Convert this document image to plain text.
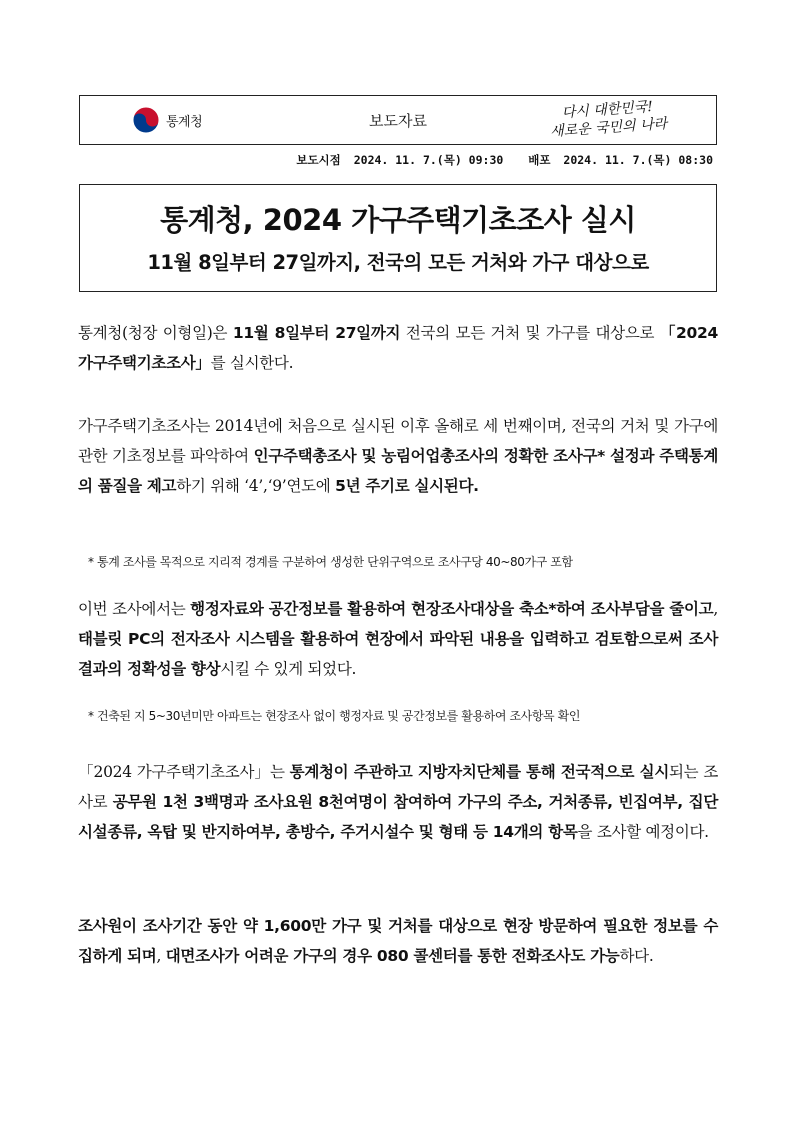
통계청	보도자료	다시 대한민국!
새로운 국민의 나라
보도시점 2024. 11. 7.(목) 09:30 배포 2024. 11. 7.(목) 08:30
통계청, 2024 가구주택기초조사 실시
11월 8일부터 27일까지, 전국의 모든 거처와 가구 대상으로
통계청(청장 이형일)은 11월 8일부터 27일까지 전국의 모든 거처 및 가구를 대상으로 「2024 가구주택기초조사」를 실시한다.
가구주택기초조사는 2014년에 처음으로 실시된 이후 올해로 세 번째이며, 전국의 거처 및 가구에 관한 기초정보를 파악하여 인구주택총조사 및 농림어업총조사의 정확한 조사구* 설정과 주택통계의 품질을 제고하기 위해 ‘4’,‘9’연도에 5년 주기로 실시된다.
* 통계 조사를 목적으로 지리적 경계를 구분하여 생성한 단위구역으로 조사구당 40~80가구 포함
이번 조사에서는 행정자료와 공간정보를 활용하여 현장조사대상을 축소*하여 조사부담을 줄이고, 태블릿 PC의 전자조사 시스템을 활용하여 현장에서 파악된 내용을 입력하고 검토함으로써 조사결과의 정확성을 향상시킬 수 있게 되었다.
* 건축된 지 5~30년미만 아파트는 현장조사 없이 행정자료 및 공간정보를 활용하여 조사항목 확인
「2024 가구주택기초조사」는 통계청이 주관하고 지방자치단체를 통해 전국적으로 실시되는 조사로 공무원 1천 3백명과 조사요원 8천여명이 참여하여 가구의 주소, 거처종류, 빈집여부, 집단시설종류, 옥탑 및 반지하여부, 총방수, 주거시설수 및 형태 등 14개의 항목을 조사할 예정이다.
조사원이 조사기간 동안 약 1,600만 가구 및 거처를 대상으로 현장 방문하여 필요한 정보를 수집하게 되며, 대면조사가 어려운 가구의 경우 080 콜센터를 통한 전화조사도 가능하다.
